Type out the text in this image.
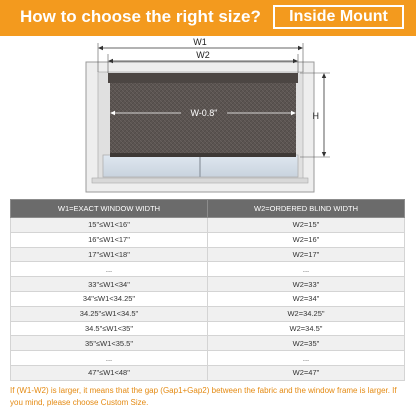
How to choose the right size?	Inside Mount
W1
W2
W-0.8"	H
W1=EXACT WINDOW WIDTH	W2=ORDERED BLIND WIDTH
15"≤W1<16"	W2=15"
16"≤W1<17"	W2=16"
17"≤W1<18"	W2=17"
...	...
33"≤W1<34"	W2=33"
34"≤W1<34.25"	W2=34"
34.25"≤W1<34.5"	W2=34.25"
34.5"≤W1<35"	W2=34.5"
35"≤W1<35.5"	W2=35"
...	...
47"≤W1<48"	W2=47"
If (W1-W2) is larger, it means that the gap (Gap1+Gap2) between the fabric and the window frame is larger. If you mind, please choose Custom Size.
